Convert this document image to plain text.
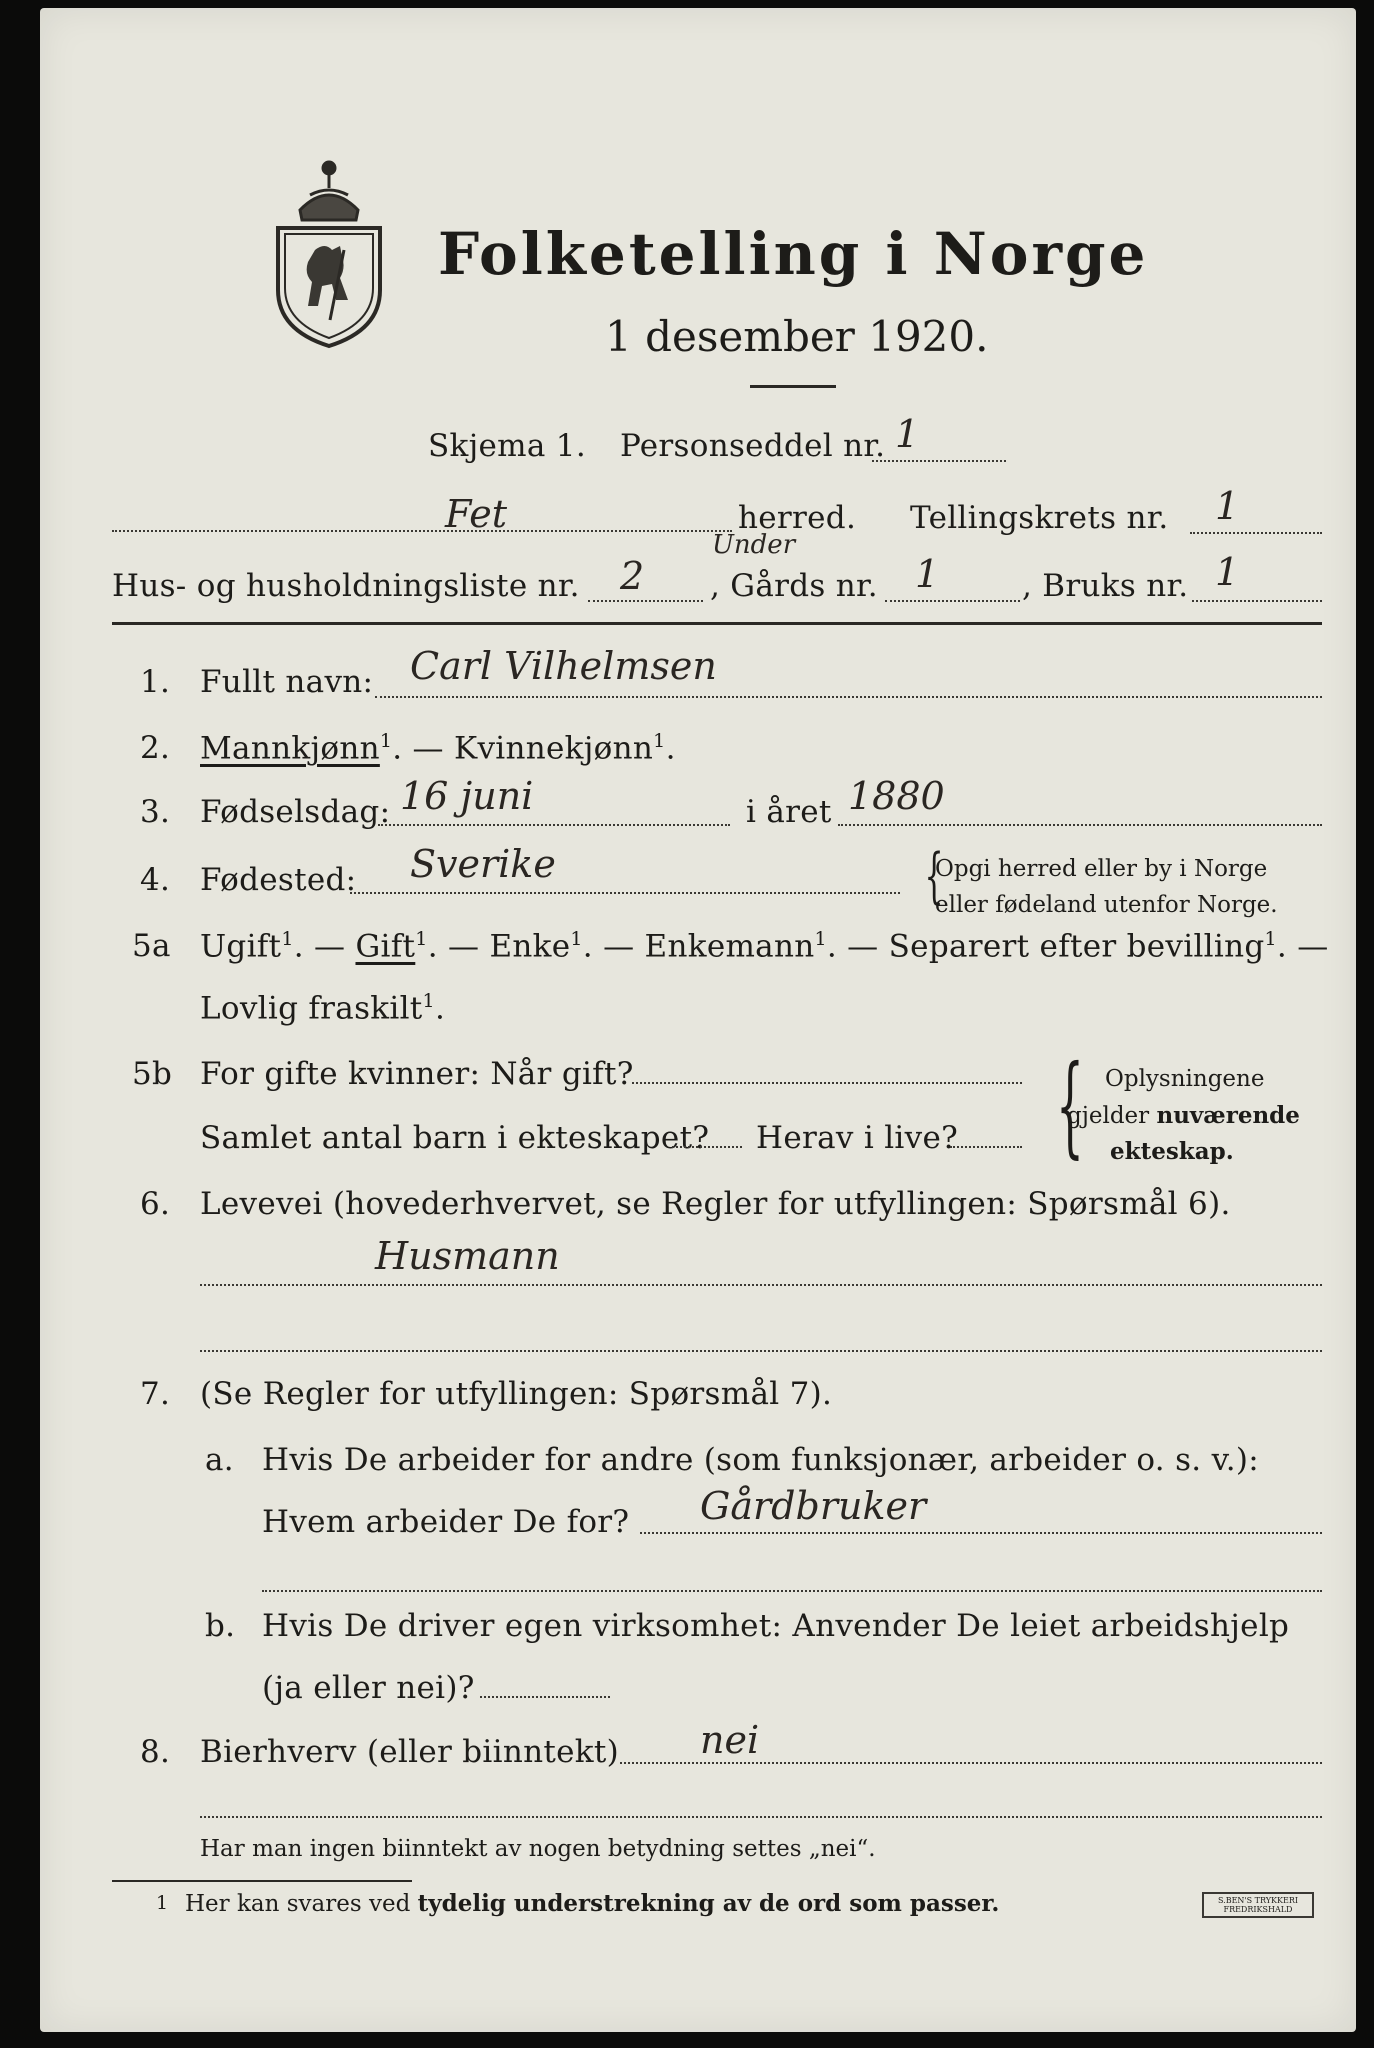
Folketelling i Norge
1 desember 1920.
Skjema 1. Personseddel nr. 1
Fet	herred. Tellingskrets nr. 1
Hus- og husholdningsliste nr. 2
Under
, Gårds nr. 1	, Bruks nr. 1
1. Fullt navn: Carl Vilhelmsen
2. Mannkjønn$^1$. — Kvinnekjønn$^1$.
3. Fødselsdag: 16 juni	i året 1880
4. Fødested: Sverike	{
Opgi herred eller by i Norge
eller fødeland utenfor Norge.
5a Ugift$^1$. — Gift$^1$. — Enke$^1$. — Enkemann$^1$. — Separert efter bevilling$^1$. —
Lovlig fraskilt$^1$.
5b For gifte kvinner: Når gift?
Samlet antal barn i ekteskapet? Herav i live? { Oplysningene
gjelder nuværende
ekteskap.
6. Levevei (hovederhvervet, se Regler for utfyllingen: Spørsmål 6).
Husmann
7. (Se Regler for utfyllingen: Spørsmål 7).
a. Hvis De arbeider for andre (som funksjonær, arbeider o. s. v.):
Hvem arbeider De for? Gårdbruker
b. Hvis De driver egen virksomhet: Anvender De leiet arbeidshjelp
(ja eller nei)?
8. Bierhverv (eller biinntekt) nei
Har man ingen biinntekt av nogen betydning settes „nei“.
1 Her kan svares ved tydelig understrekning av de ord som passer.	S.BEN'S TRYKKERI
FREDRIKSHALD
